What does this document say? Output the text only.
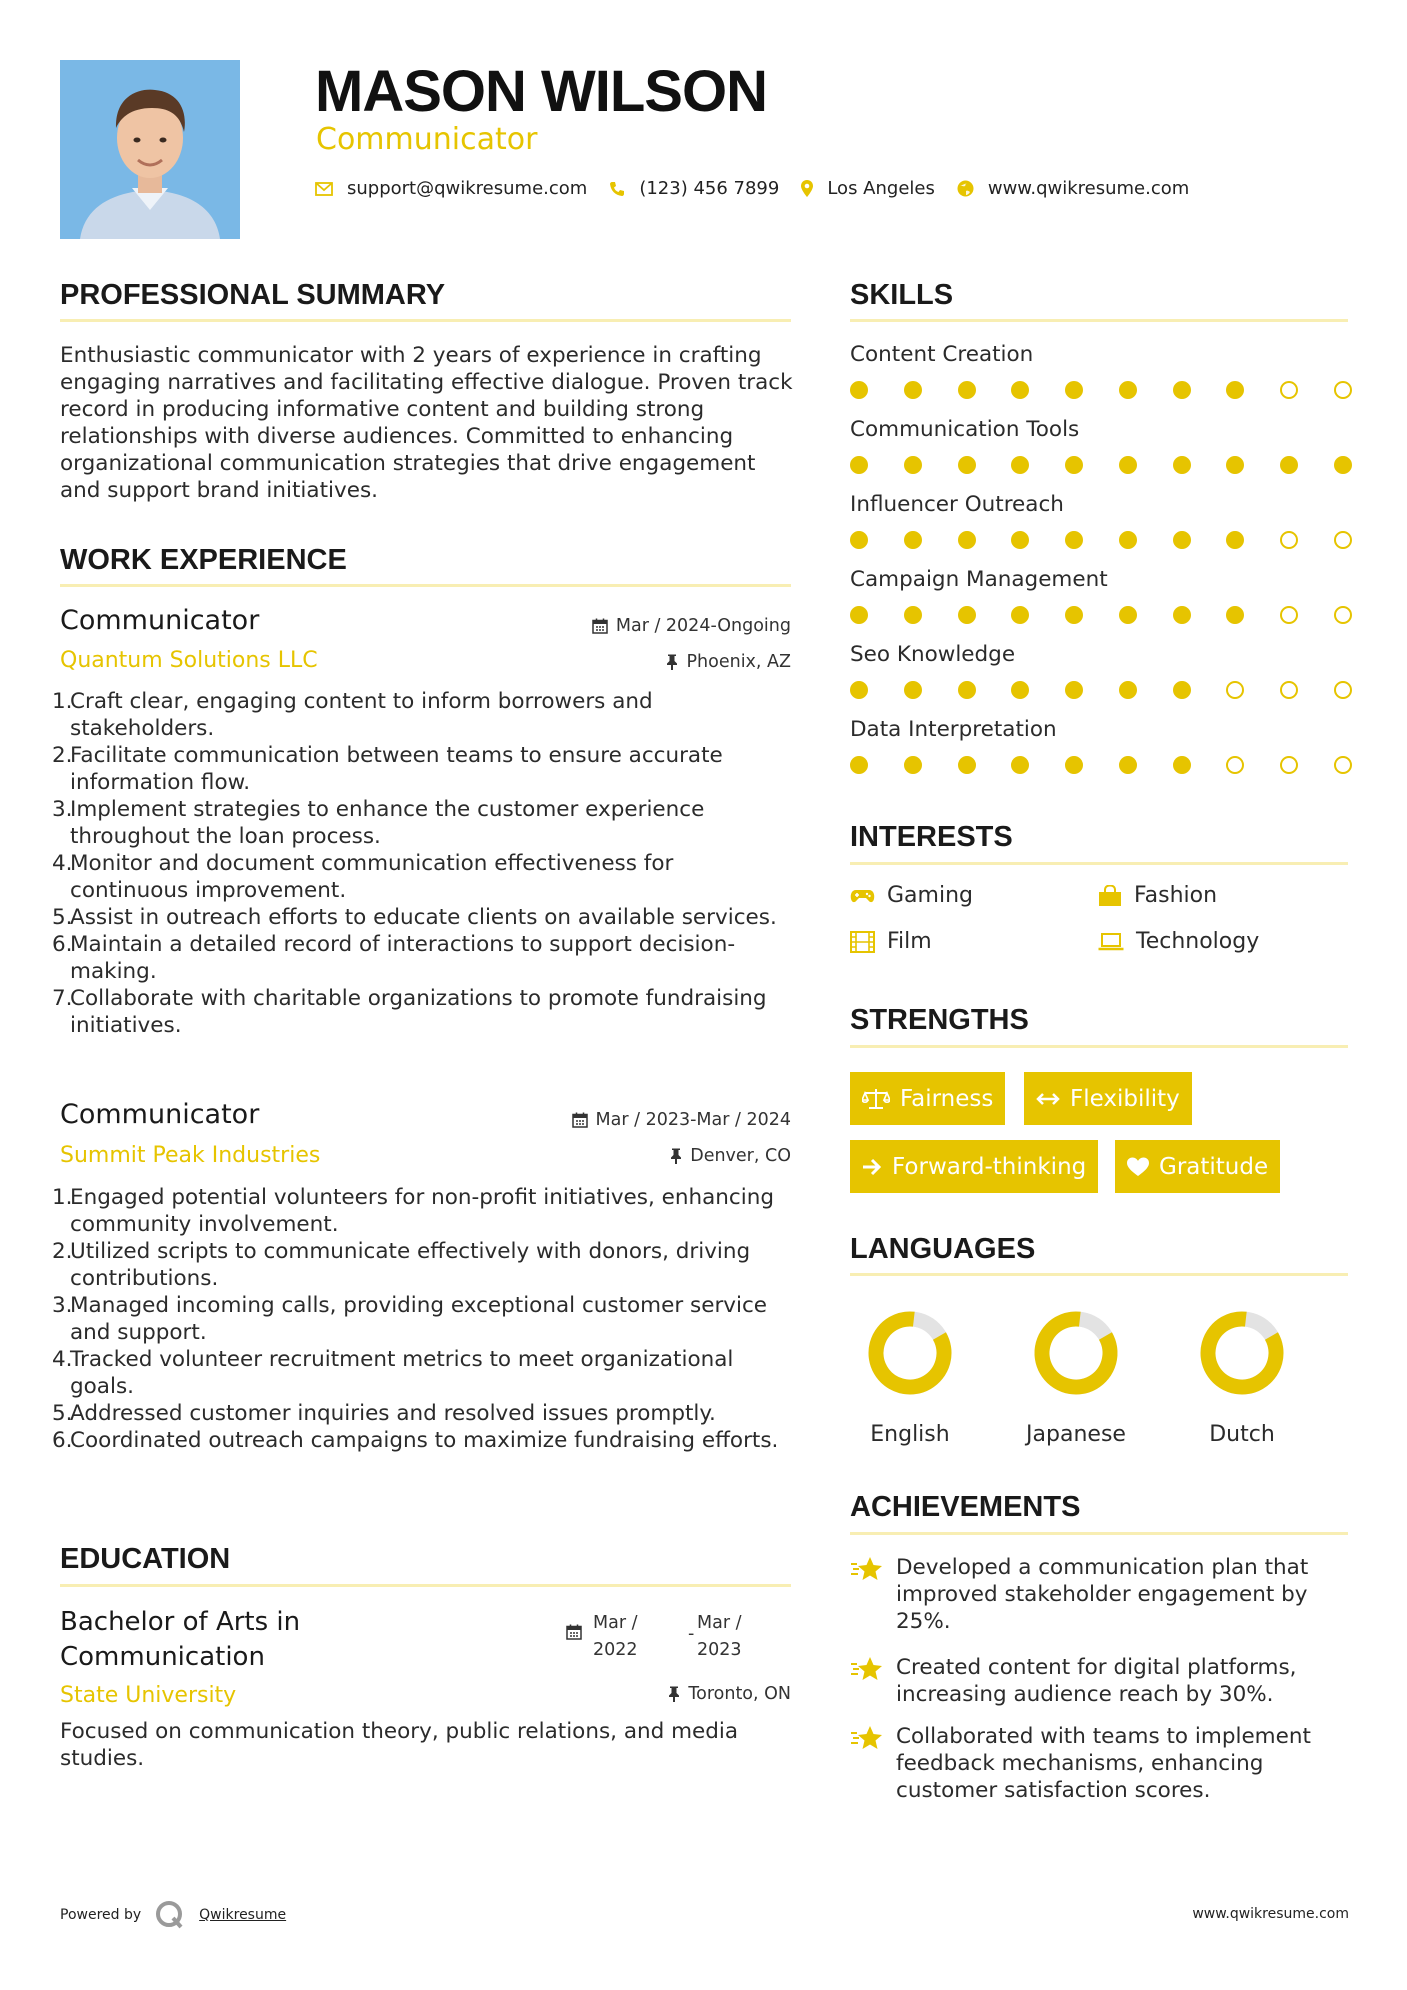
MASON WILSON
Communicator
support@qwikresume.com	(123) 456 7899	Los Angeles	www.qwikresume.com
PROFESSIONAL SUMMARY
Enthusiastic communicator with 2 years of experience in crafting engaging narratives and facilitating effective dialogue. Proven track record in producing informative content and building strong relationships with diverse audiences. Committed to enhancing organizational communication strategies that drive engagement and support brand initiatives.
WORK EXPERIENCE
Communicator	Mar / 2024-Ongoing
Quantum Solutions LLC	Phoenix, AZ
1.
Craft clear, engaging content to inform borrowers and stakeholders.
2.
Facilitate communication between teams to ensure accurate information flow.
3.
Implement strategies to enhance the customer experience throughout the loan process.
4.
Monitor and document communication effectiveness for continuous improvement.
5.
Assist in outreach efforts to educate clients on available services.
6.
Maintain a detailed record of interactions to support decision-making.
7.
Collaborate with charitable organizations to promote fundraising initiatives.
Communicator	Mar / 2023-Mar / 2024
Summit Peak Industries	Denver, CO
1.
Engaged potential volunteers for non-profit initiatives, enhancing community involvement.
2.
Utilized scripts to communicate effectively with donors, driving contributions.
3.
Managed incoming calls, providing exceptional customer service and support.
4.
Tracked volunteer recruitment metrics to meet organizational goals.
5.
Addressed customer inquiries and resolved issues promptly.
6.
Coordinated outreach campaigns to maximize fundraising efforts.
EDUCATION
Bachelor of Arts in
Communication
Mar /
2022
-
Mar /
2023
State University	Toronto, ON
Focused on communication theory, public relations, and media studies.
SKILLS
Content Creation
Communication Tools
Influencer Outreach
Campaign Management
Seo Knowledge
Data Interpretation
INTERESTS
Gaming	Fashion
Film	Technology
STRENGTHS
Fairness	Flexibility
Forward-thinking	Gratitude
LANGUAGES
English	Japanese	Dutch
ACHIEVEMENTS
Developed a communication plan that improved stakeholder engagement by 25%.
Created content for digital platforms, increasing audience reach by 30%.
Collaborated with teams to implement feedback mechanisms, enhancing customer satisfaction scores.
Powered by	Qwikresume	www.qwikresume.com
